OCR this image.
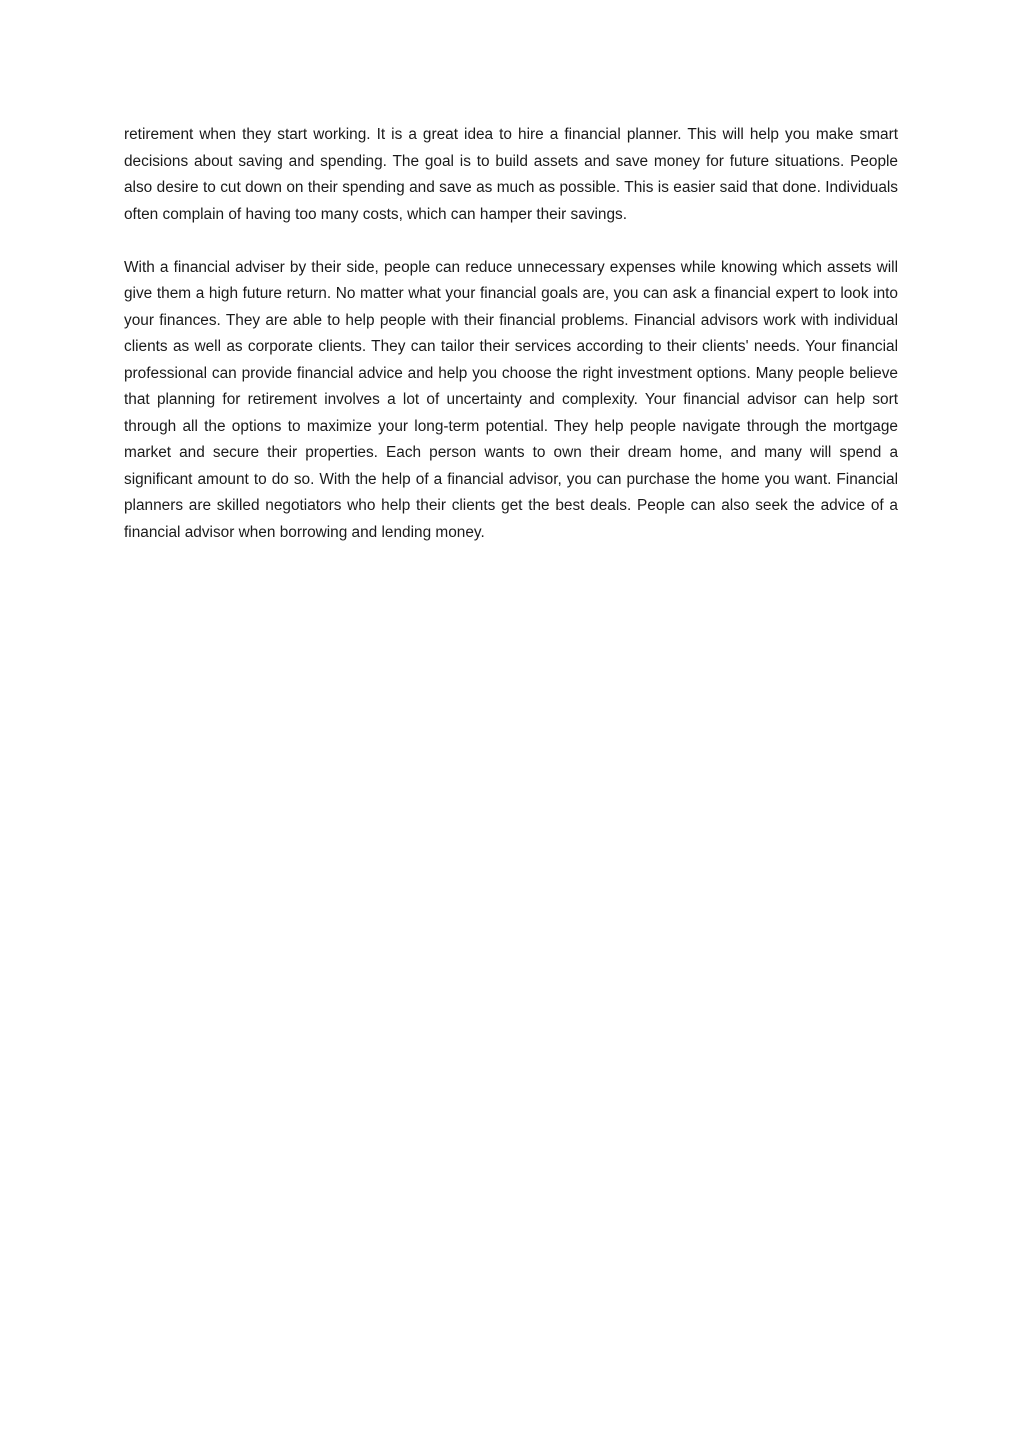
retirement when they start working. It is a great idea to hire a financial planner. This will help you make smart decisions about saving and spending. The goal is to build assets and save money for future situations. People also desire to cut down on their spending and save as much as possible. This is easier said that done. Individuals often complain of having too many costs, which can hamper their savings.

With a financial adviser by their side, people can reduce unnecessary expenses while knowing which assets will give them a high future return. No matter what your financial goals are, you can ask a financial expert to look into your finances. They are able to help people with their financial problems. Financial advisors work with individual clients as well as corporate clients. They can tailor their services according to their clients' needs. Your financial professional can provide financial advice and help you choose the right investment options. Many people believe that planning for retirement involves a lot of uncertainty and complexity. Your financial advisor can help sort through all the options to maximize your long-term potential. They help people navigate through the mortgage market and secure their properties. Each person wants to own their dream home, and many will spend a significant amount to do so. With the help of a financial advisor, you can purchase the home you want. Financial planners are skilled negotiators who help their clients get the best deals. People can also seek the advice of a financial advisor when borrowing and lending money.
